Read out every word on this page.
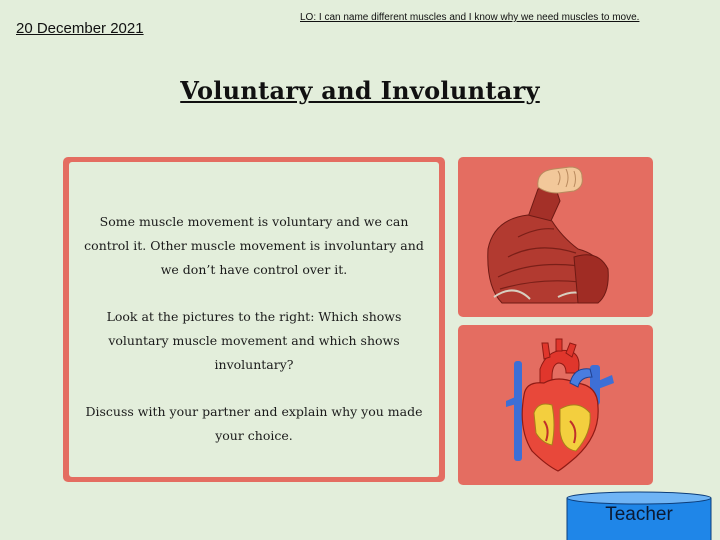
20 December 2021
LO: I can name different muscles and I know why we need muscles to move.
Voluntary and Involuntary

Some muscle movement is voluntary and we can control it. Other muscle movement is involuntary and we don’t have control over it.

Look at the pictures to the right: Which shows voluntary muscle movement and which shows involuntary?

Discuss with your partner and explain why you made your choice.

Teacher
